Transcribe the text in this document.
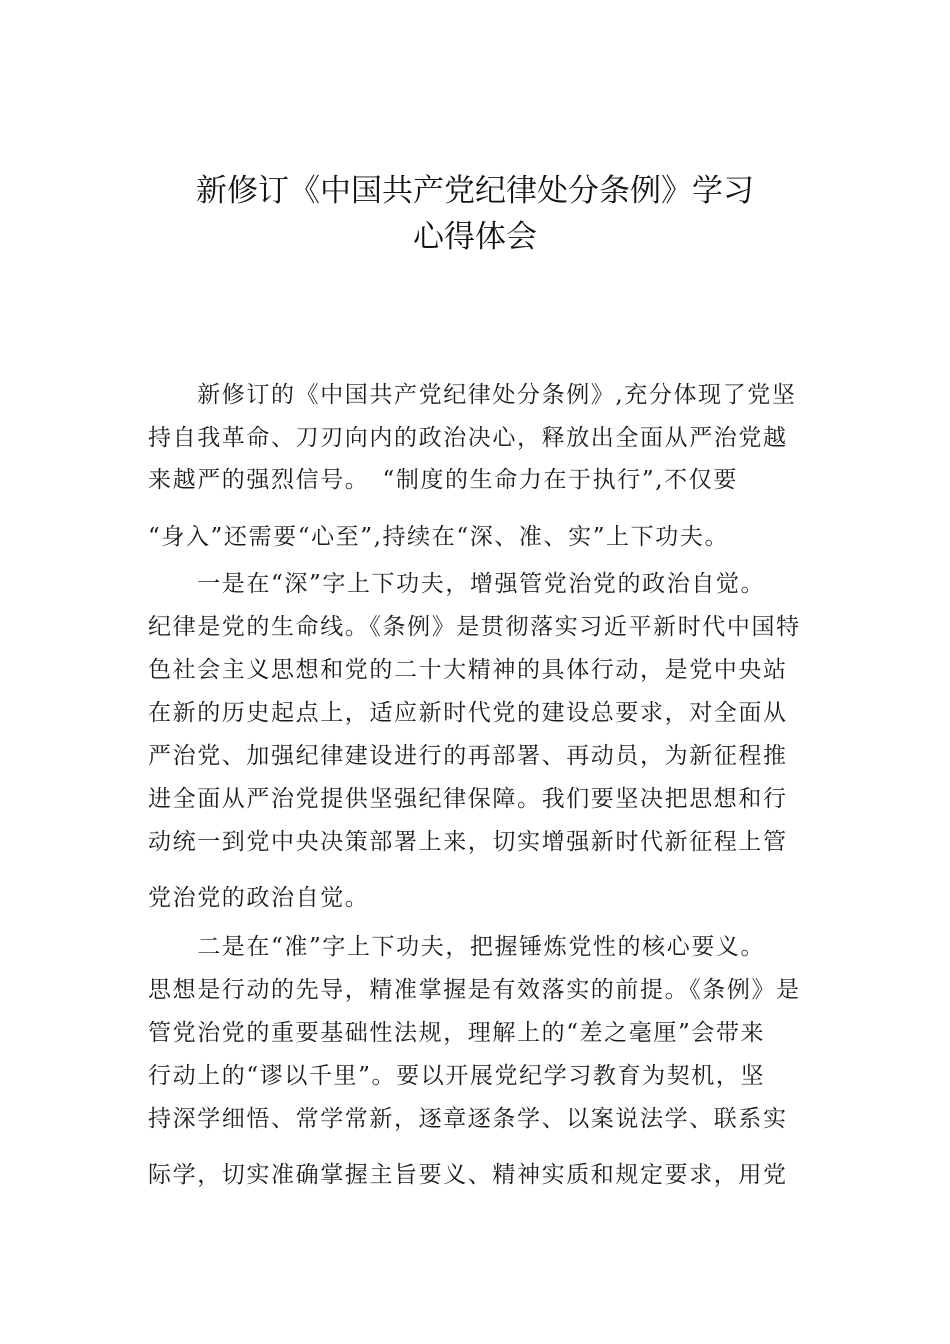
新修订《中国共产党纪律处分条例》学习
心得体会
　　新修订的《中国共产党纪律处分条例》,充分体现了党坚
持自我革命、刀刃向内的政治决心，释放出全面从严治党越
来越严的强烈信号。　“制度的生命力在于执行”,不仅要
“身入”还需要“心至”,持续在“深、准、实”上下功夫。
　　一是在“深”字上下功夫，增强管党治党的政治自觉。
纪律是党的生命线。《条例》是贯彻落实习近平新时代中国特
色社会主义思想和党的二十大精神的具体行动，是党中央站
在新的历史起点上，适应新时代党的建设总要求，对全面从
严治党、加强纪律建设进行的再部署、再动员，为新征程推
进全面从严治党提供坚强纪律保障。我们要坚决把思想和行
动统一到党中央决策部署上来，切实增强新时代新征程上管
党治党的政治自觉。
　　二是在“准”字上下功夫，把握锤炼党性的核心要义。
思想是行动的先导，精准掌握是有效落实的前提。《条例》是
管党治党的重要基础性法规，理解上的“差之毫厘”会带来
行动上的“谬以千里”。要以开展党纪学习教育为契机，坚
持深学细悟、常学常新，逐章逐条学、以案说法学、联系实
际学，切实准确掌握主旨要义、精神实质和规定要求，用党
